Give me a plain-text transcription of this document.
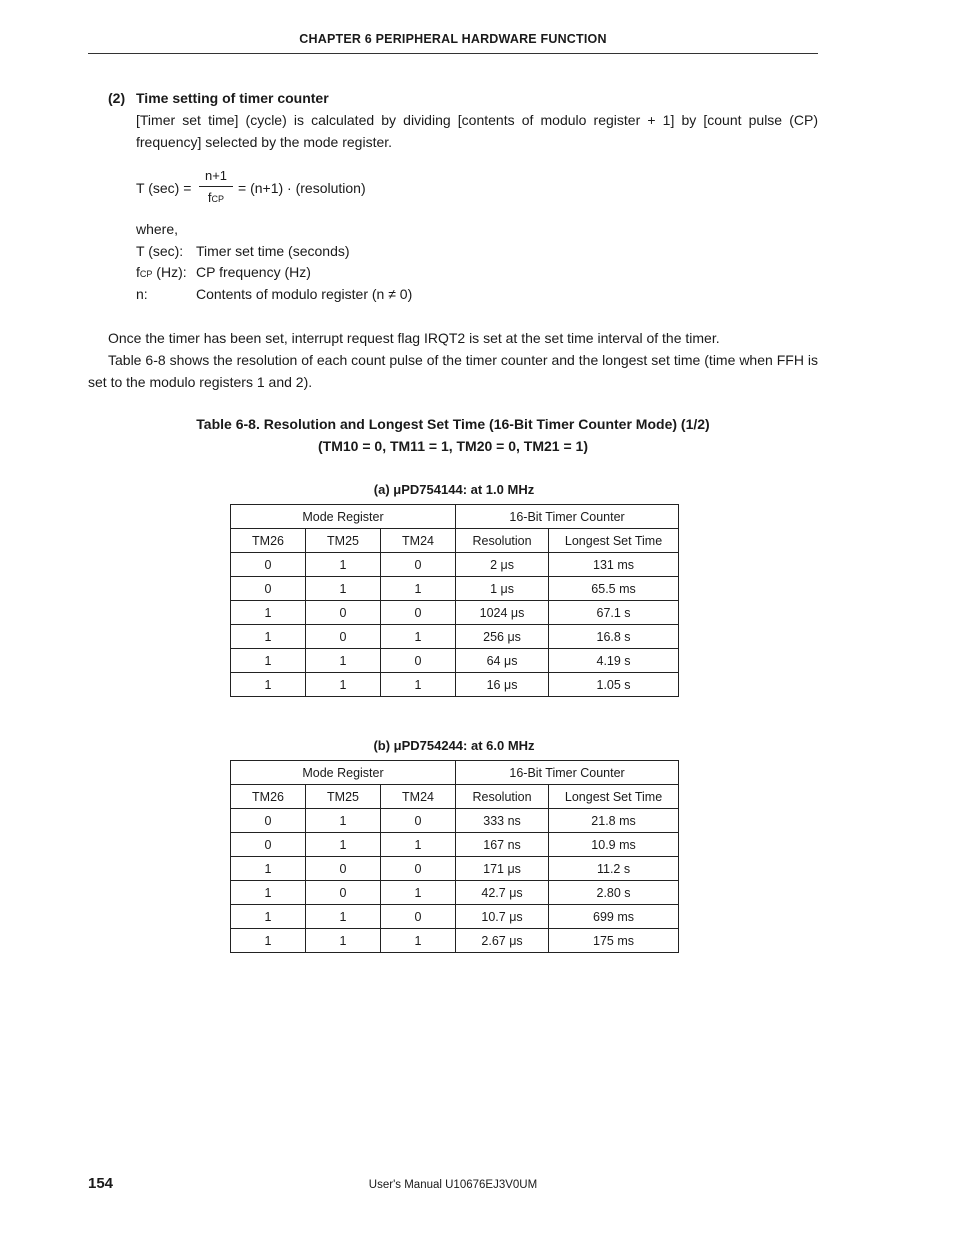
CHAPTER 6 PERIPHERAL HARDWARE FUNCTION
(2) Time setting of timer counter
[Timer set time] (cycle) is calculated by dividing [contents of modulo register + 1] by [count pulse (CP) frequency] selected by the mode register.
T (sec) =
n+1
fCP
= (n+1) · (resolution)
where,
T (sec): Timer set time (seconds)
fCP (Hz): CP frequency (Hz)
n:	Contents of modulo register (n ≠ 0)
Once the timer has been set, interrupt request flag IRQT2 is set at the set time interval of the timer.
Table 6-8 shows the resolution of each count pulse of the timer counter and the longest set time (time when FFH is set to the modulo registers 1 and 2).
Table 6-8. Resolution and Longest Set Time (16-Bit Timer Counter Mode) (1/2)
(TM10 = 0, TM11 = 1, TM20 = 0, TM21 = 1)
(a) μPD754144: at 1.0 MHz
Mode Register			16-Bit Timer Counter	
TM26	TM25	TM24	Resolution	Longest Set Time
0	1	0	2 μs	131 ms
0	1	1	1 μs	65.5 ms
1	0	0	1024 μs	67.1 s
1	0	1	256 μs	16.8 s
1	1	0	64 μs	4.19 s
1	1	1	16 μs	1.05 s
(b) μPD754244: at 6.0 MHz
Mode Register			16-Bit Timer Counter	
TM26	TM25	TM24	Resolution	Longest Set Time
0	1	0	333 ns	21.8 ms
0	1	1	167 ns	10.9 ms
1	0	0	171 μs	11.2 s
1	0	1	42.7 μs	2.80 s
1	1	0	10.7 μs	699 ms
1	1	1	2.67 μs	175 ms
154	User's Manual U10676EJ3V0UM
